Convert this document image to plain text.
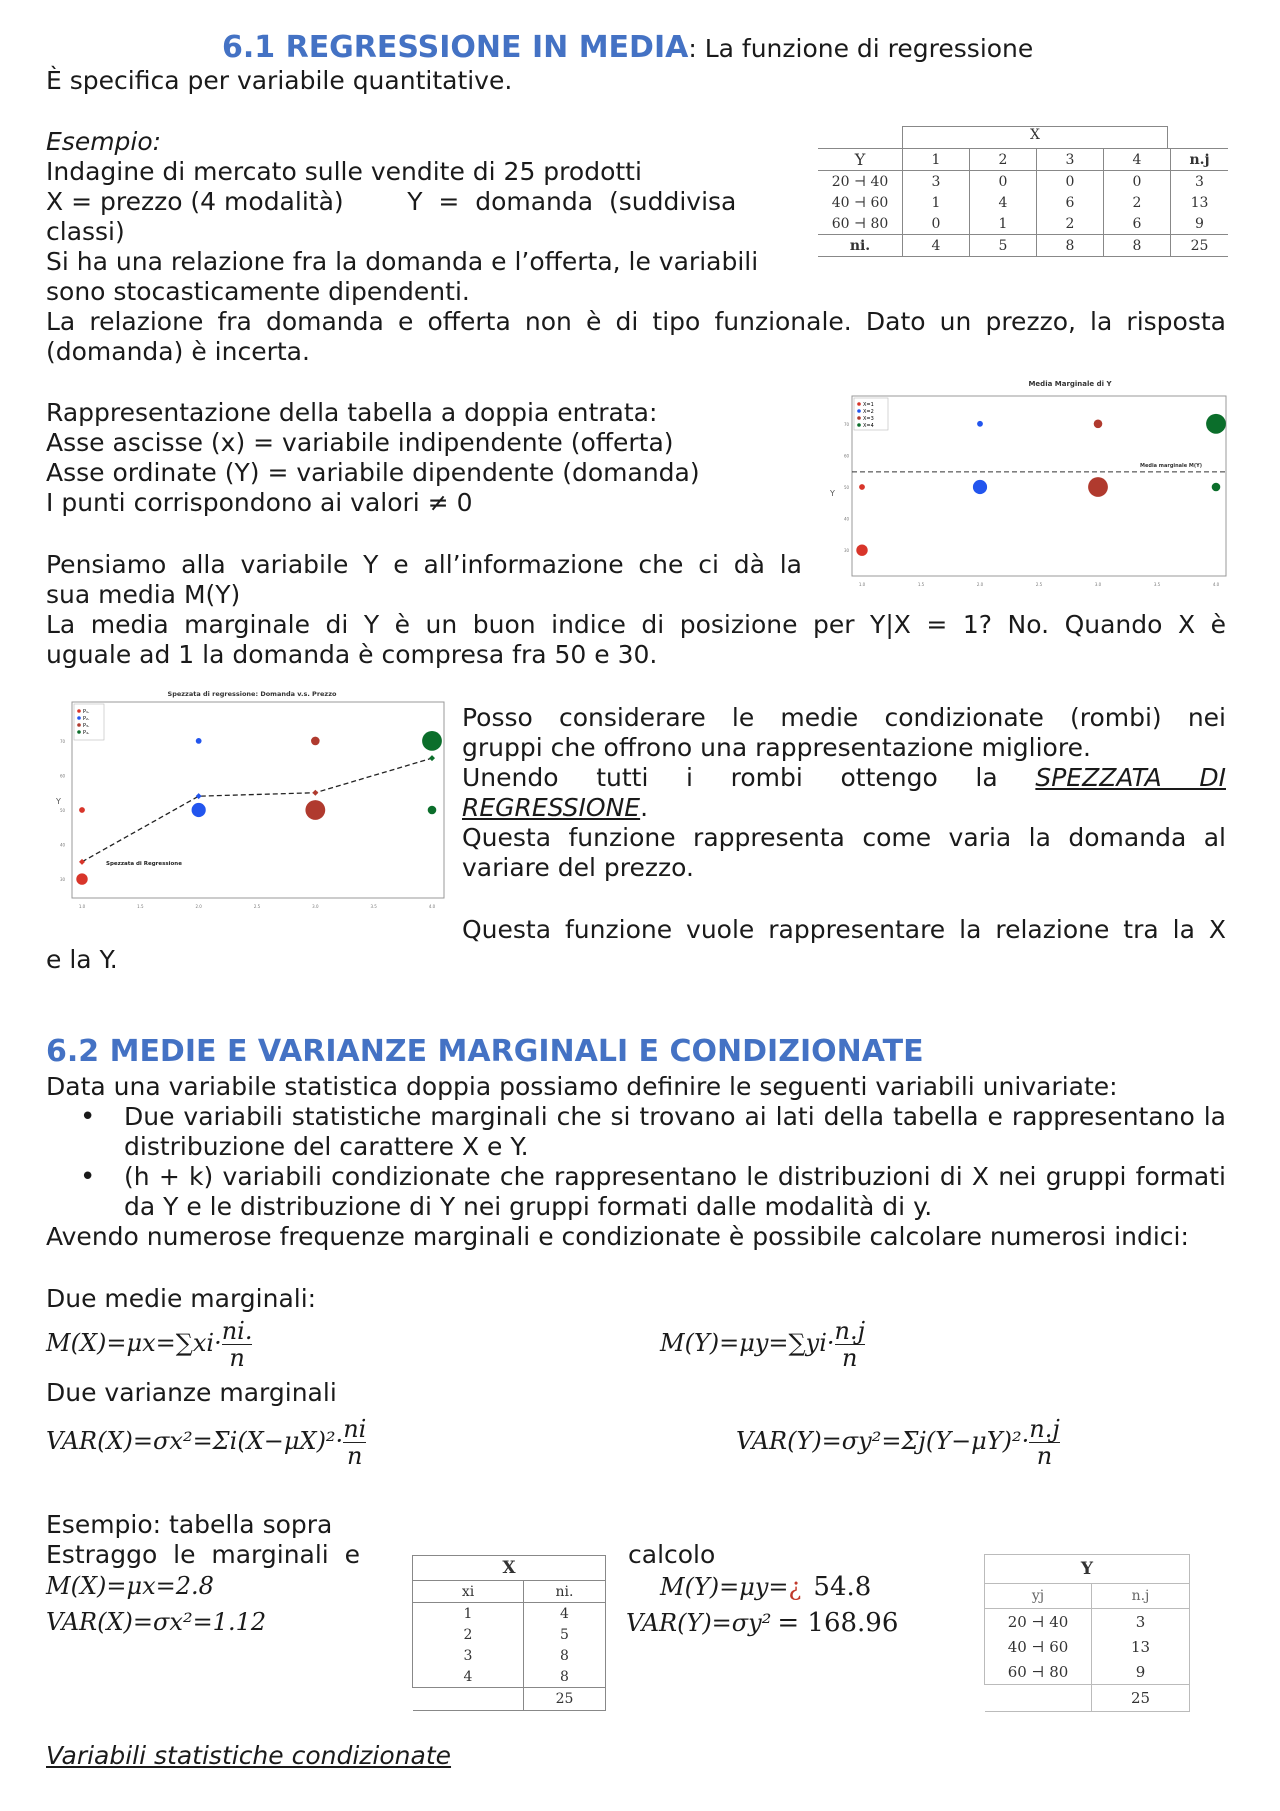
6.1 REGRESSIONE IN MEDIA: La funzione di regressione

È specifica per variabile quantitative.

Esempio:

Indagine di mercato sulle vendite di 25 prodotti

X = prezzo (4 modalità)        Y  =  domanda  (suddivisa

classi)

Si ha una relazione fra la domanda e l’offerta, le variabili

sono stocasticamente dipendenti.

La relazione fra domanda e offerta non è di tipo funzionale. Dato un prezzo, la risposta

(domanda) è incerta.

X
Y	1	2	3	4	n.j
20 ⊣ 40	3	0	0	0	3
40 ⊣ 60	1	4	6	2	13
60 ⊣ 80	0	1	2	6	9
ni.	4	5	8	8	25

Rappresentazione della tabella a doppia entrata:

Asse ascisse (x) = variabile indipendente (offerta)

Asse ordinate (Y) = variabile dipendente (domanda)

I punti corrispondono ai valori ≠ 0

Media Marginale di Y
Y
30
40
50
60
70
1.0	1.5	2.0	2.5	3.0	3.5	4.0
Media marginale M(Y)
X=1
X=2
X=3
X=4

Pensiamo alla variabile Y e all’informazione che ci dà la

sua media M(Y)

La media marginale di Y è un buon indice di posizione per Y|X = 1? No. Quando X è

uguale ad 1 la domanda è compresa fra 50 e 30.

Spezzata di regressione: Domanda v.s. Prezzo
Y
30
40
50
60
70
1.0	1.5	2.0	2.5	3.0	3.5	4.0
Spezzata di Regressione
P₁.
P₂.
P₃.
P₄.

Posso considerare le medie condizionate (rombi) nei

gruppi che offrono una rappresentazione migliore.

Unendo tutti i rombi ottengo la SPEZZATA DI

REGRESSIONE.

Questa funzione rappresenta come varia la domanda al

variare del prezzo.

Questa funzione vuole rappresentare la relazione tra la X

e la Y.

6.2 MEDIE E VARIANZE MARGINALI E CONDIZIONATE

Data una variabile statistica doppia possiamo definire le seguenti variabili univariate:

• Due variabili statistiche marginali che si trovano ai lati della tabella e rappresentano la distribuzione del carattere X e Y.
• (h + k) variabili condizionate che rappresentano le distribuzioni di X nei gruppi formati da Y e le distribuzione di Y nei gruppi formati dalle modalità di y.

Avendo numerose frequenze marginali e condizionate è possibile calcolare numerosi indici:

Due medie marginali:

$M(X)=\mu x=\sum xi\cdot \frac{ni.}{n}$	$M(Y)=\mu y=\sum yi\cdot \frac{n.j}{n}$

Due varianze marginali

$VAR(X)=\sigma x^2=\Sigma i(X-\mu X)^2\cdot \frac{ni}{n}$	$VAR(Y)=\sigma y^2=\Sigma j(Y-\mu Y)^2\cdot \frac{n.j}{n}$

Esempio: tabella sopra

Estraggo  le  marginali  e	calcolo

M(X)=μx=2.8
VAR(X)=σx²=1.12
M(Y)=μy=¿ 54.8
VAR(Y)=σy² = 168.96
X	
xi	ni.
1	4
2	5
3	8
4	8
	25
Y	
yj	n.j
20 ⊣ 40	3
40 ⊣ 60	13
60 ⊣ 80	9
	25

Variabili statistiche condizionate
